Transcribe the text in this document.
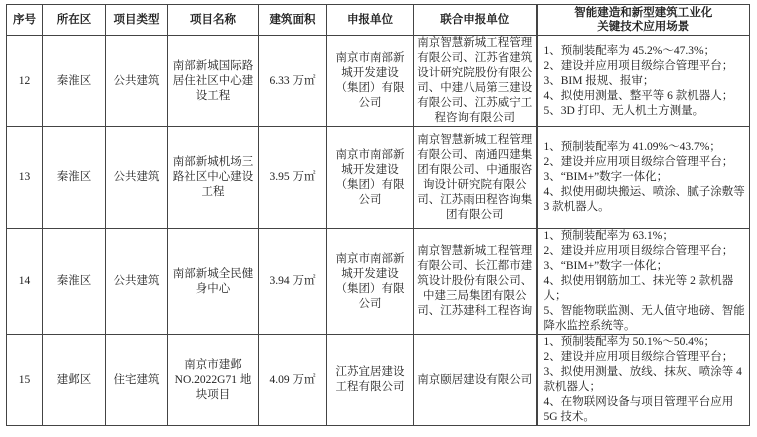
序号	所在区	项目类型	项目名称	建筑面积	申报单位	联合申报单位	智能建造和新型建筑工业化
关键技术应用场景

12	秦淮区	公共建筑	南部新城国际路居住社区中心建设工程	6.33 万㎡	南京市南部新城开发建设（集团）有限公司	南京智慧新城工程管理有限公司、江苏省建筑设计研究院股份有限公司、中建八局第三建设有限公司、江苏威宁工程咨询有限公司	1、预制装配率为 45.2%～47.3%；
2、建设并应用项目级综合管理平台；
3、BIM 报规、报审；
4、拟使用测量、整平等 6 款机器人；
5、3D 打印、无人机土方测量。

13	秦淮区	公共建筑	南部新城机场三路社区中心建设工程	3.95 万㎡	南京市南部新城开发建设（集团）有限公司	南京智慧新城工程管理有限公司、南通四建集团有限公司、中通服咨询设计研究院有限公司、江苏雨田程咨询集团有限公司	1、预制装配率为 41.09%～43.7%；
2、建设并应用项目级综合管理平台；
3、“BIM+”数字一体化；
4、拟使用砌块搬运、喷涂、腻子涂敷等 3 款机器人。

14	秦淮区	公共建筑	南部新城全民健身中心	3.94 万㎡	南京市南部新城开发建设（集团）有限公司	南京智慧新城工程管理有限公司、长江都市建筑设计股份有限公司、中建三局集团有限公司、江苏建科工程咨询	1、预制装配率为 63.1%；
2、建设并应用项目级综合管理平台；
3、“BIM+”数字一体化；
4、拟使用钢筋加工、抹光等 2 款机器人；
5、智能物联监测、无人值守地磅、智能降水监控系统等。

15	建邺区	住宅建筑	南京市建邺 NO.2022G71 地块项目	4.09 万㎡	江苏宜居建设工程有限公司	南京颐居建设有限公司	1、预制装配率为 50.1%～50.4%；
2、建设并应用项目级综合管理平台；
3、拟使用测量、放线、抹灰、喷涂等 4 款机器人；
4、在物联网设备与项目管理平台应用 5G 技术。
